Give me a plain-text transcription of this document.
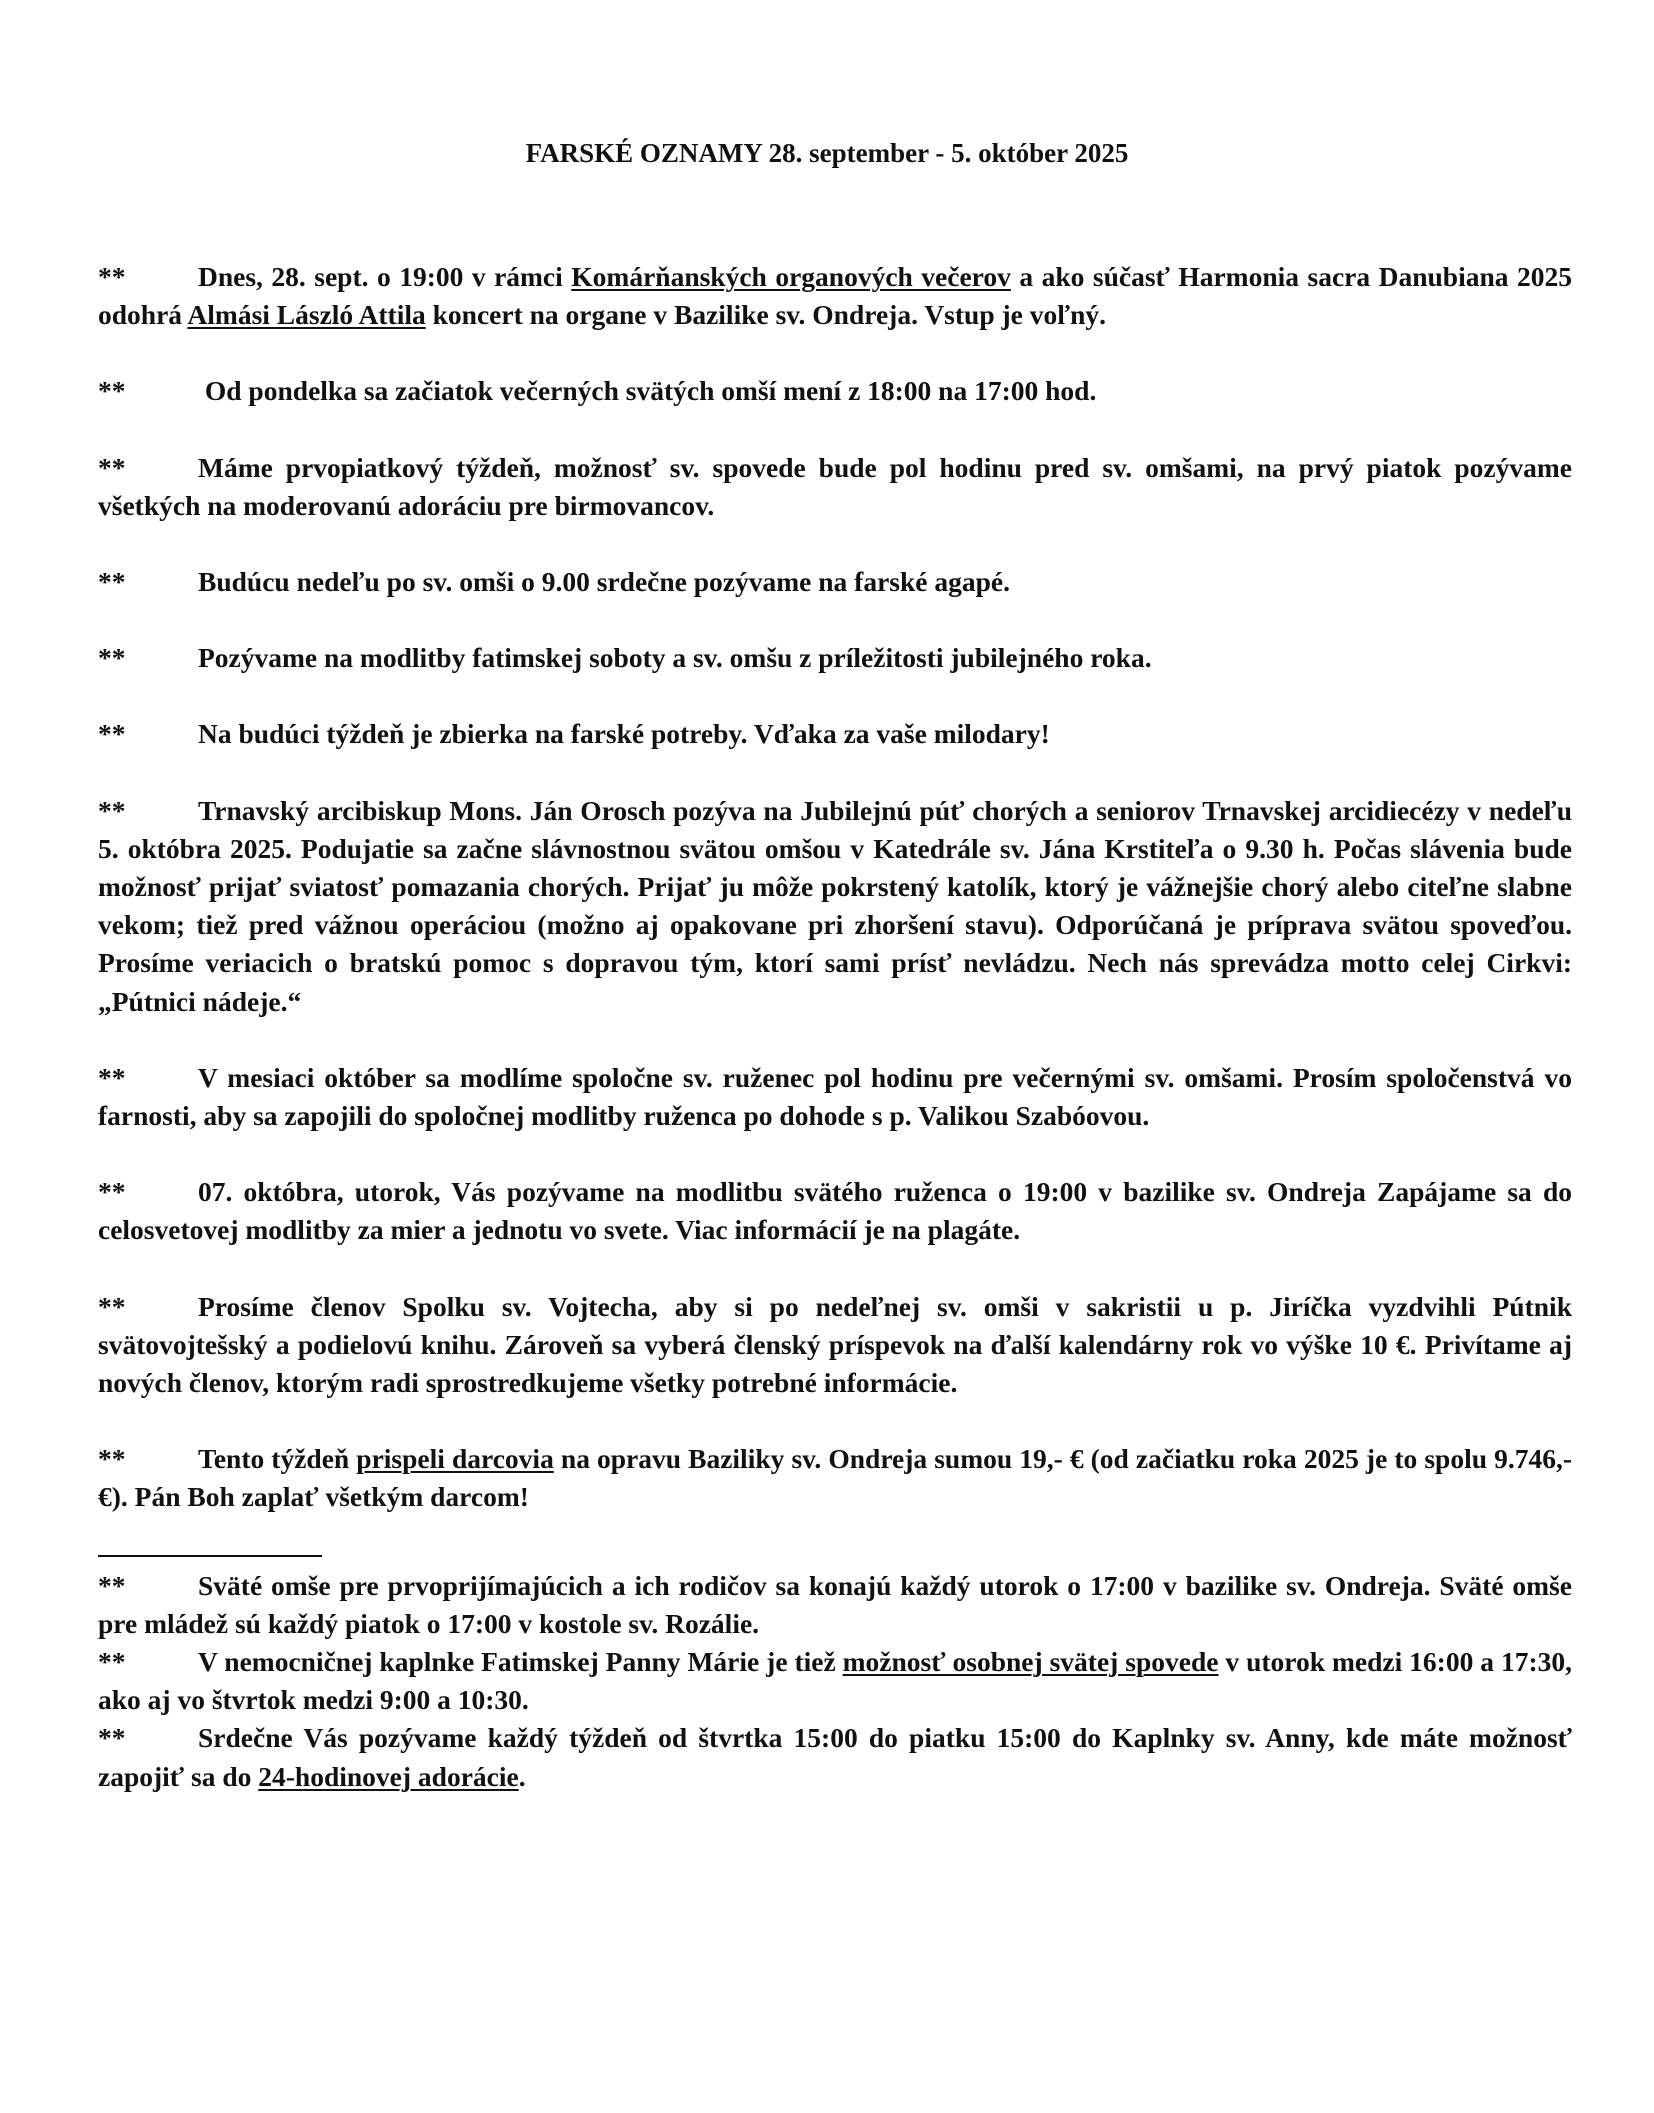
FARSKÉ OZNAMY 28. september - 5. október 2025

**	Dnes, 28. sept. o 19:00 v rámci Komárňanských organových večerov a ako súčasť Harmonia sacra Danubiana 2025 odohrá Almási László Attila koncert na organe v Bazilike sv. Ondreja. Vstup je voľný.

**	Od pondelka sa začiatok večerných svätých omší mení z 18:00 na 17:00 hod.

**	Máme prvopiatkový týždeň, možnosť sv. spovede bude pol hodinu pred sv. omšami, na prvý piatok pozývame všetkých na moderovanú adoráciu pre birmovancov.

**	Budúcu nedeľu po sv. omši o 9.00 srdečne pozývame na farské agapé.

**	Pozývame na modlitby fatimskej soboty a sv. omšu z príležitosti jubilejného roka.

**	Na budúci týždeň je zbierka na farské potreby. Vďaka za vaše milodary!

**	Trnavský arcibiskup Mons. Ján Orosch pozýva na Jubilejnú púť chorých a seniorov Trnavskej arcidiecézy v nedeľu 5. októbra 2025. Podujatie sa začne slávnostnou svätou omšou v Katedrále sv. Jána Krstiteľa o 9.30 h. Počas slávenia bude možnosť prijať sviatosť pomazania chorých. Prijať ju môže pokrstený katolík, ktorý je vážnejšie chorý alebo citeľne slabne vekom; tiež pred vážnou operáciou (možno aj opakovane pri zhoršení stavu). Odporúčaná je príprava svätou spoveďou. Prosíme veriacich o bratskú pomoc s dopravou tým, ktorí sami prísť nevládzu. Nech nás sprevádza motto celej Cirkvi: „Pútnici nádeje.“

**	V mesiaci október sa modlíme spoločne sv. ruženec pol hodinu pre večernými sv. omšami. Prosím spoločenstvá vo farnosti, aby sa zapojili do spoločnej modlitby ruženca po dohode s p. Valikou Szabóovou.

**	07. októbra, utorok, Vás pozývame na modlitbu svätého ruženca o 19:00 v bazilike sv. Ondreja Zapájame sa do celosvetovej modlitby za mier a jednotu vo svete. Viac informácií je na plagáte.

**	Prosíme členov Spolku sv. Vojtecha, aby si po nedeľnej sv. omši v sakristii u p. Jiríčka vyzdvihli Pútnik svätovojtešský a podielovú knihu. Zároveň sa vyberá členský príspevok na ďalší kalendárny rok vo výške 10 €. Privítame aj nových členov, ktorým radi sprostredkujeme všetky potrebné informácie.

**	Tento týždeň prispeli darcovia na opravu Baziliky sv. Ondreja sumou 19,- € (od začiatku roka 2025 je to spolu 9.746,- €). Pán Boh zaplať všetkým darcom!

**	Sväté omše pre prvoprijímajúcich a ich rodičov sa konajú každý utorok o 17:00 v bazilike sv. Ondreja. Sväté omše pre mládež sú každý piatok o 17:00 v kostole sv. Rozálie.

**	V nemocničnej kaplnke Fatimskej Panny Márie je tiež možnosť osobnej svätej spovede v utorok medzi 16:00 a 17:30, ako aj vo štvrtok medzi 9:00 a 10:30.

**	Srdečne Vás pozývame každý týždeň od štvrtka 15:00 do piatku 15:00 do Kaplnky sv. Anny, kde máte možnosť zapojiť sa do 24-hodinovej adorácie.
